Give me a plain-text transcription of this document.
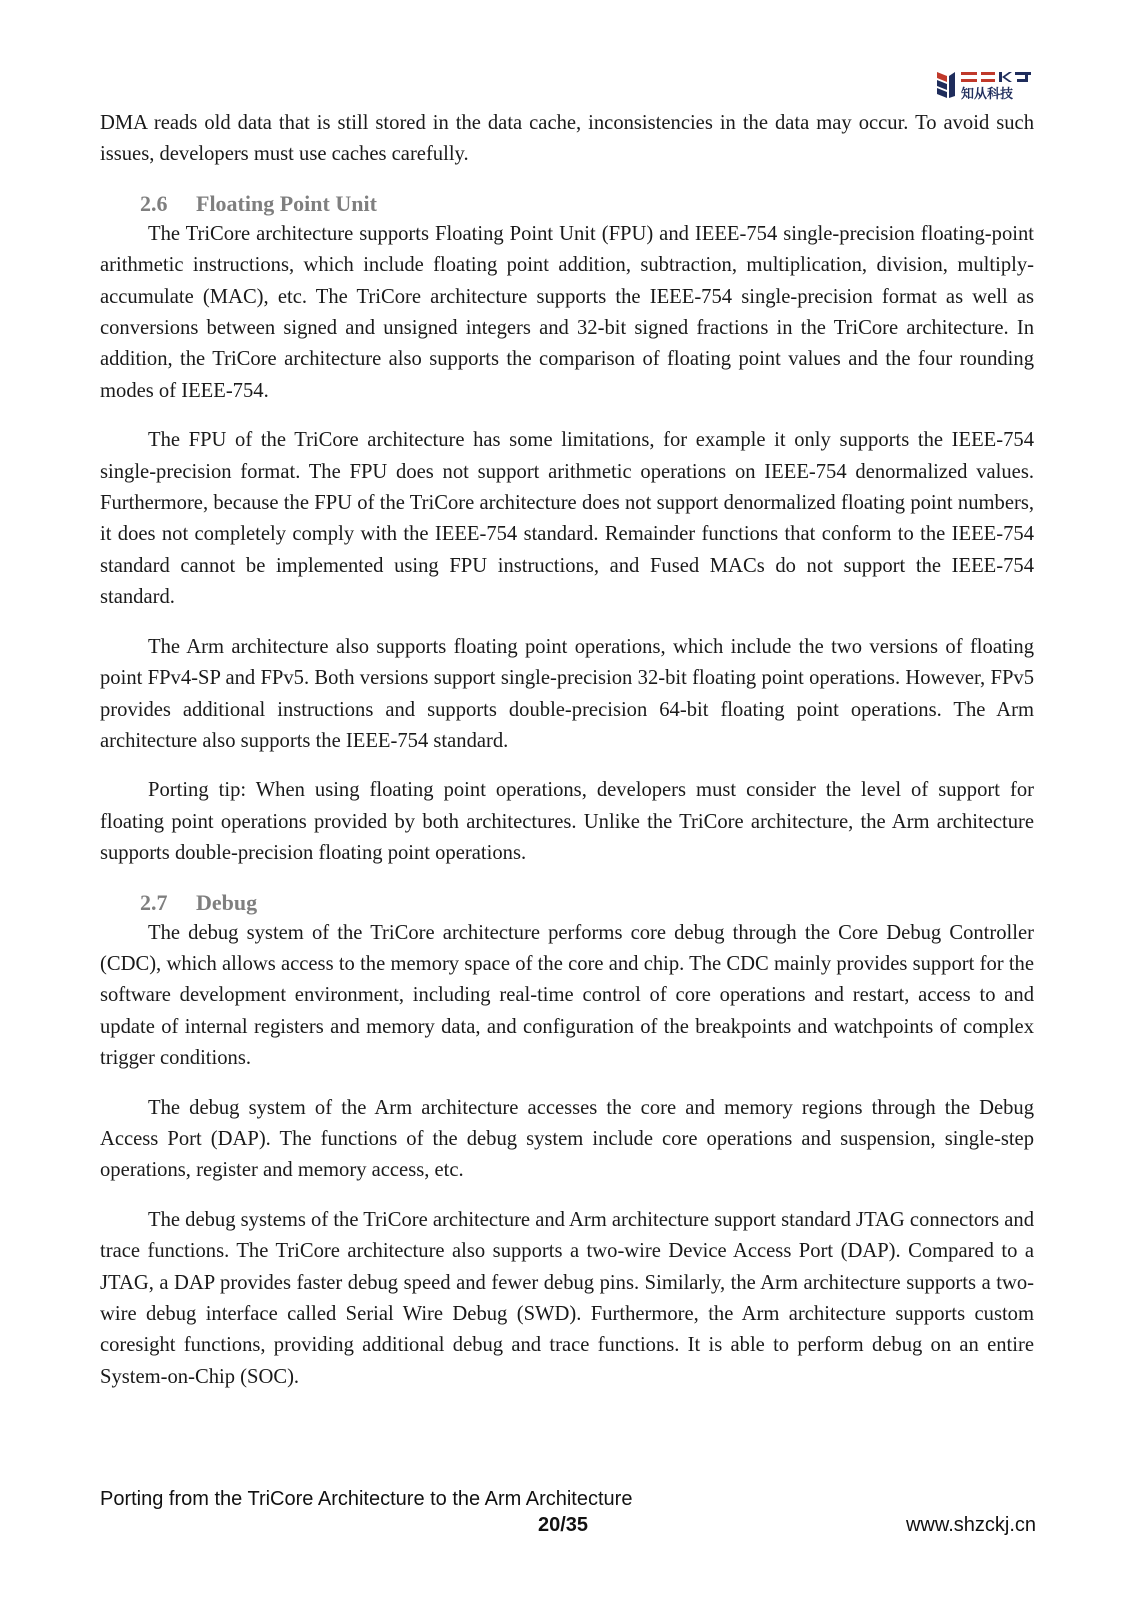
知从科技

DMA reads old data that is still stored in the data cache, inconsistencies in the data may occur. To avoid such issues, developers must use caches carefully.

2.6 Floating Point Unit

The TriCore architecture supports Floating Point Unit (FPU) and IEEE-754 single-precision floating-point arithmetic instructions, which include floating point addition, subtraction, multiplication, division, multiply-accumulate (MAC), etc. The TriCore architecture supports the IEEE-754 single-precision format as well as conversions between signed and unsigned integers and 32-bit signed fractions in the TriCore architecture. In addition, the TriCore architecture also supports the comparison of floating point values and the four rounding modes of IEEE-754.

The FPU of the TriCore architecture has some limitations, for example it only supports the IEEE-754 single-precision format. The FPU does not support arithmetic operations on IEEE-754 denormalized values. Furthermore, because the FPU of the TriCore architecture does not support denormalized floating point numbers, it does not completely comply with the IEEE-754 standard. Remainder functions that conform to the IEEE-754 standard cannot be implemented using FPU instructions, and Fused MACs do not support the IEEE-754 standard.

The Arm architecture also supports floating point operations, which include the two versions of floating point FPv4-SP and FPv5. Both versions support single-precision 32-bit floating point operations. However, FPv5 provides additional instructions and supports double-precision 64-bit floating point operations. The Arm architecture also supports the IEEE-754 standard.

Porting tip: When using floating point operations, developers must consider the level of support for floating point operations provided by both architectures. Unlike the TriCore architecture, the Arm architecture supports double-precision floating point operations.

2.7 Debug

The debug system of the TriCore architecture performs core debug through the Core Debug Controller (CDC), which allows access to the memory space of the core and chip. The CDC mainly provides support for the software development environment, including real-time control of core operations and restart, access to and update of internal registers and memory data, and configuration of the breakpoints and watchpoints of complex trigger conditions.

The debug system of the Arm architecture accesses the core and memory regions through the Debug Access Port (DAP). The functions of the debug system include core operations and suspension, single-step operations, register and memory access, etc.

The debug systems of the TriCore architecture and Arm architecture support standard JTAG connectors and trace functions. The TriCore architecture also supports a two-wire Device Access Port (DAP). Compared to a JTAG, a DAP provides faster debug speed and fewer debug pins. Similarly, the Arm architecture supports a two-wire debug interface called Serial Wire Debug (SWD). Furthermore, the Arm architecture supports custom coresight functions, providing additional debug and trace functions. It is able to perform debug on an entire System-on-Chip (SOC).

Porting from the TriCore Architecture to the Arm Architecture
20/35	www.shzckj.cn
